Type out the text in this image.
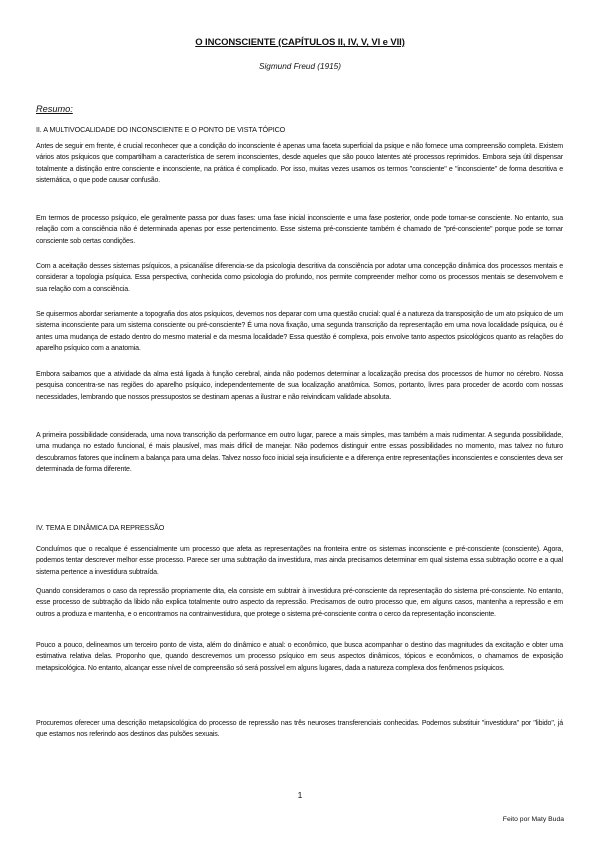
O INCONSCIENTE (CAPÍTULOS II, IV, V, VI e VII)
Sigmund Freud (1915)
Resumo:
II. A MULTIVOCALIDADE DO INCONSCIENTE E O PONTO DE VISTA TÓPICO

Antes de seguir em frente, é crucial reconhecer que a condição do inconsciente é apenas uma faceta superficial da psique e não fornece uma compreensão completa. Existem vários atos psíquicos que compartilham a característica de serem inconscientes, desde aqueles que são pouco latentes até processos reprimidos. Embora seja útil dispensar totalmente a distinção entre consciente e inconsciente, na prática é complicado. Por isso, muitas vezes usamos os termos "consciente" e "inconsciente" de forma descritiva e sistemática, o que pode causar confusão.

Em termos de processo psíquico, ele geralmente passa por duas fases: uma fase inicial inconsciente e uma fase posterior, onde pode tornar-se consciente. No entanto, sua relação com a consciência não é determinada apenas por esse pertencimento. Esse sistema pré-consciente também é chamado de "pré-consciente" porque pode se tornar consciente sob certas condições.

Com a aceitação desses sistemas psíquicos, a psicanálise diferencia-se da psicologia descritiva da consciência por adotar uma concepção dinâmica dos processos mentais e considerar a topologia psíquica. Essa perspectiva, conhecida como psicologia do profundo, nos permite compreender melhor como os processos mentais se desenvolvem e sua relação com a consciência.

Se quisermos abordar seriamente a topografia dos atos psíquicos, devemos nos deparar com uma questão crucial: qual é a natureza da transposição de um ato psíquico de um sistema inconsciente para um sistema consciente ou pré-consciente? É uma nova fixação, uma segunda transcrição da representação em uma nova localidade psíquica, ou é antes uma mudança de estado dentro do mesmo material e da mesma localidade? Essa questão é complexa, pois envolve tanto aspectos psicológicos quanto as relações do aparelho psíquico com a anatomia.

Embora saibamos que a atividade da alma está ligada à função cerebral, ainda não podemos determinar a localização precisa dos processos de humor no cérebro. Nossa pesquisa concentra-se nas regiões do aparelho psíquico, independentemente de sua localização anatômica. Somos, portanto, livres para proceder de acordo com nossas necessidades, lembrando que nossos pressupostos se destinam apenas a ilustrar e não reivindicam validade absoluta.

A primeira possibilidade considerada, uma nova transcrição da performance em outro lugar, parece a mais simples, mas também a mais rudimentar. A segunda possibilidade, uma mudança no estado funcional, é mais plausível, mas mais difícil de manejar. Não podemos distinguir entre essas possibilidades no momento, mas talvez no futuro descubramos fatores que inclinem a balança para uma delas. Talvez nosso foco inicial seja insuficiente e a diferença entre representações inconscientes e conscientes deva ser determinada de forma diferente.

IV. TEMA E DINÂMICA DA REPRESSÃO

Concluímos que o recalque é essencialmente um processo que afeta as representações na fronteira entre os sistemas inconsciente e pré-consciente (consciente). Agora, podemos tentar descrever melhor esse processo. Parece ser uma subtração da investidura, mas ainda precisamos determinar em qual sistema essa subtração ocorre e a qual sistema pertence a investidura subtraída.

Quando consideramos o caso da repressão propriamente dita, ela consiste em subtrair à investidura pré-consciente da representação do sistema pré-consciente. No entanto, esse processo de subtração da libido não explica totalmente outro aspecto da repressão. Precisamos de outro processo que, em alguns casos, mantenha a repressão e em outros a produza e mantenha, e o encontramos na contrainvestidura, que protege o sistema pré-consciente contra o cerco da representação inconsciente.

Pouco a pouco, delineamos um terceiro ponto de vista, além do dinâmico e atual: o econômico, que busca acompanhar o destino das magnitudes da excitação e obter uma estimativa relativa delas. Proponho que, quando descrevemos um processo psíquico em seus aspectos dinâmicos, tópicos e econômicos, o chamamos de exposição metapsicológica. No entanto, alcançar esse nível de compreensão só será possível em alguns lugares, dada a natureza complexa dos fenômenos psíquicos.

Procuremos oferecer uma descrição metapsicológica do processo de repressão nas três neuroses transferenciais conhecidas. Podemos substituir "investidura" por "libido", já que estamos nos referindo aos destinos das pulsões sexuais.

1
Feito por Maty Buda
